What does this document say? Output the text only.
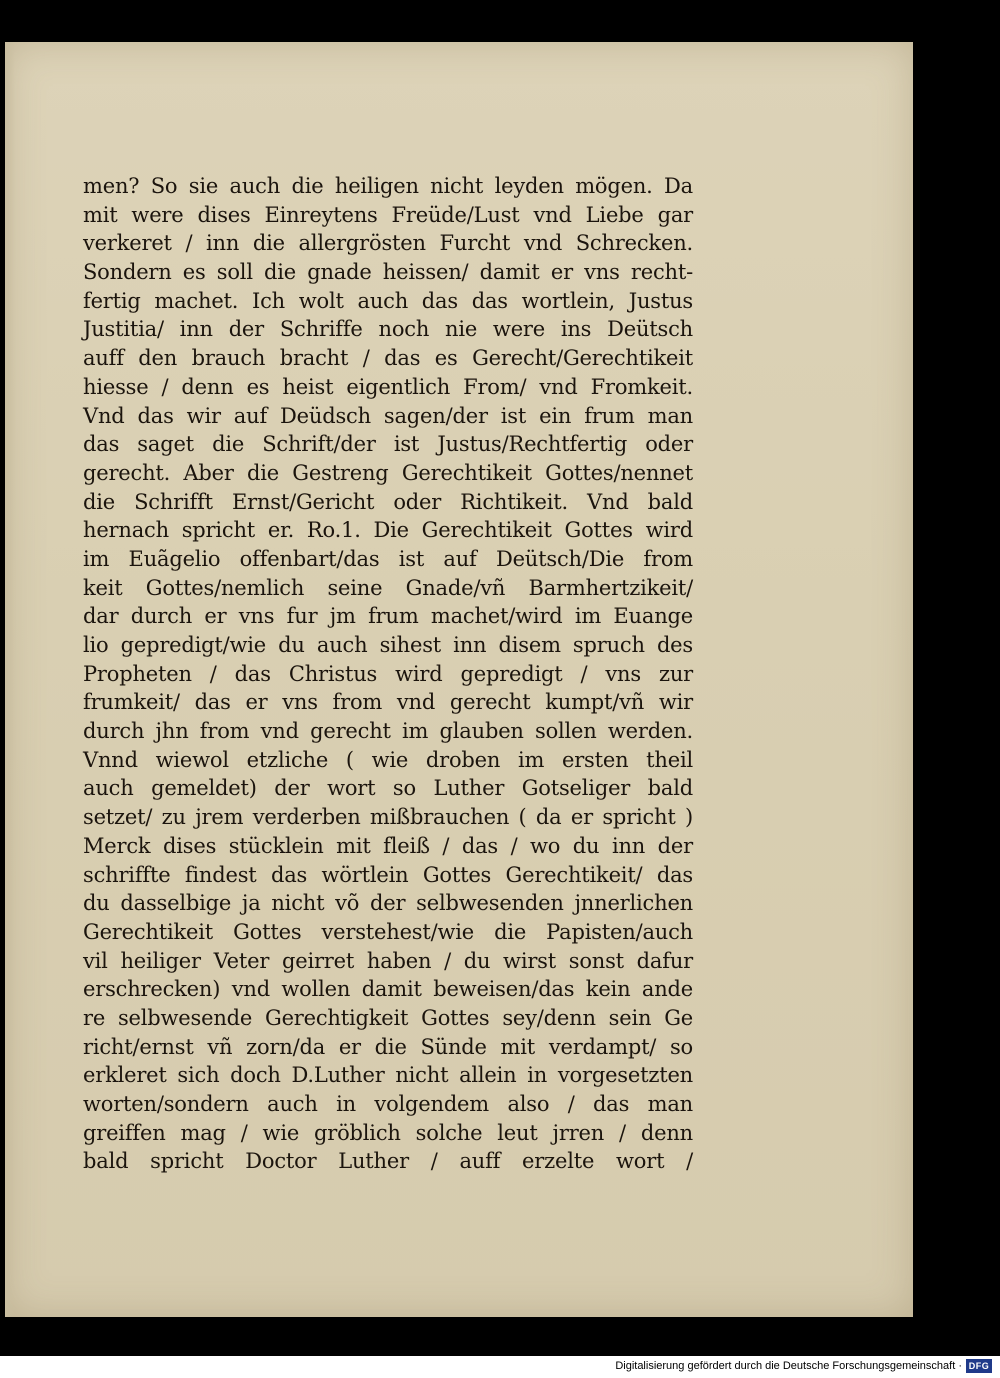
men? So sie auch die heiligen nicht leyden mögen. Da
mit were dises Einreytens Freüde/Lust vnd Liebe gar
verkeret / inn die allergrösten Furcht vnd Schrecken.
Sondern es soll die gnade heissen/ damit er vns recht-
fertig machet. Ich wolt auch das das wortlein, Justus
Justitia/ inn der Schriffe noch nie were ins Deütsch
auff den brauch bracht / das es Gerecht/Gerechtikeit
hiesse / denn es heist eigentlich From/ vnd Fromkeit.
Vnd das wir auf Deüdsch sagen/der ist ein frum man
das saget die Schrift/der ist Justus/Rechtfertig oder
gerecht. Aber die Gestreng Gerechtikeit Gottes/nennet
die Schrifft Ernst/Gericht oder Richtikeit. Vnd bald
hernach spricht er. Ro.1. Die Gerechtikeit Gottes wird
im Euãgelio offenbart/das ist auf Deütsch/Die from
keit Gottes/nemlich seine Gnade/vñ Barmhertzikeit/
dar durch er vns fur jm frum machet/wird im Euange
lio gepredigt/wie du auch sihest inn disem spruch des
Propheten / das Christus wird gepredigt / vns zur
frumkeit/ das er vns from vnd gerecht kumpt/vñ wir
durch jhn from vnd gerecht im glauben sollen werden.
Vnnd wiewol etzliche ( wie droben im ersten theil
auch gemeldet) der wort so Luther Gotseliger bald
setzet/ zu jrem verderben mißbrauchen ( da er spricht )
Merck dises stücklein mit fleiß / das / wo du inn der
schriffte findest das wörtlein Gottes Gerechtikeit/ das
du dasselbige ja nicht võ der selbwesenden jnnerlichen
Gerechtikeit Gottes verstehest/wie die Papisten/auch
vil heiliger Veter geirret haben / du wirst sonst dafur
erschrecken) vnd wollen damit beweisen/das kein ande
re selbwesende Gerechtigkeit Gottes sey/denn sein Ge
richt/ernst vñ zorn/da er die Sünde mit verdampt/ so
erkleret sich doch D.Luther nicht allein in vorgesetzten
worten/sondern auch in volgendem also / das man
greiffen mag / wie gröblich solche leut jrren / denn
bald spricht Doctor Luther / auff erzelte wort /
Digitalisierung gefördert durch die Deutsche Forschungsgemeinschaft · DFG
